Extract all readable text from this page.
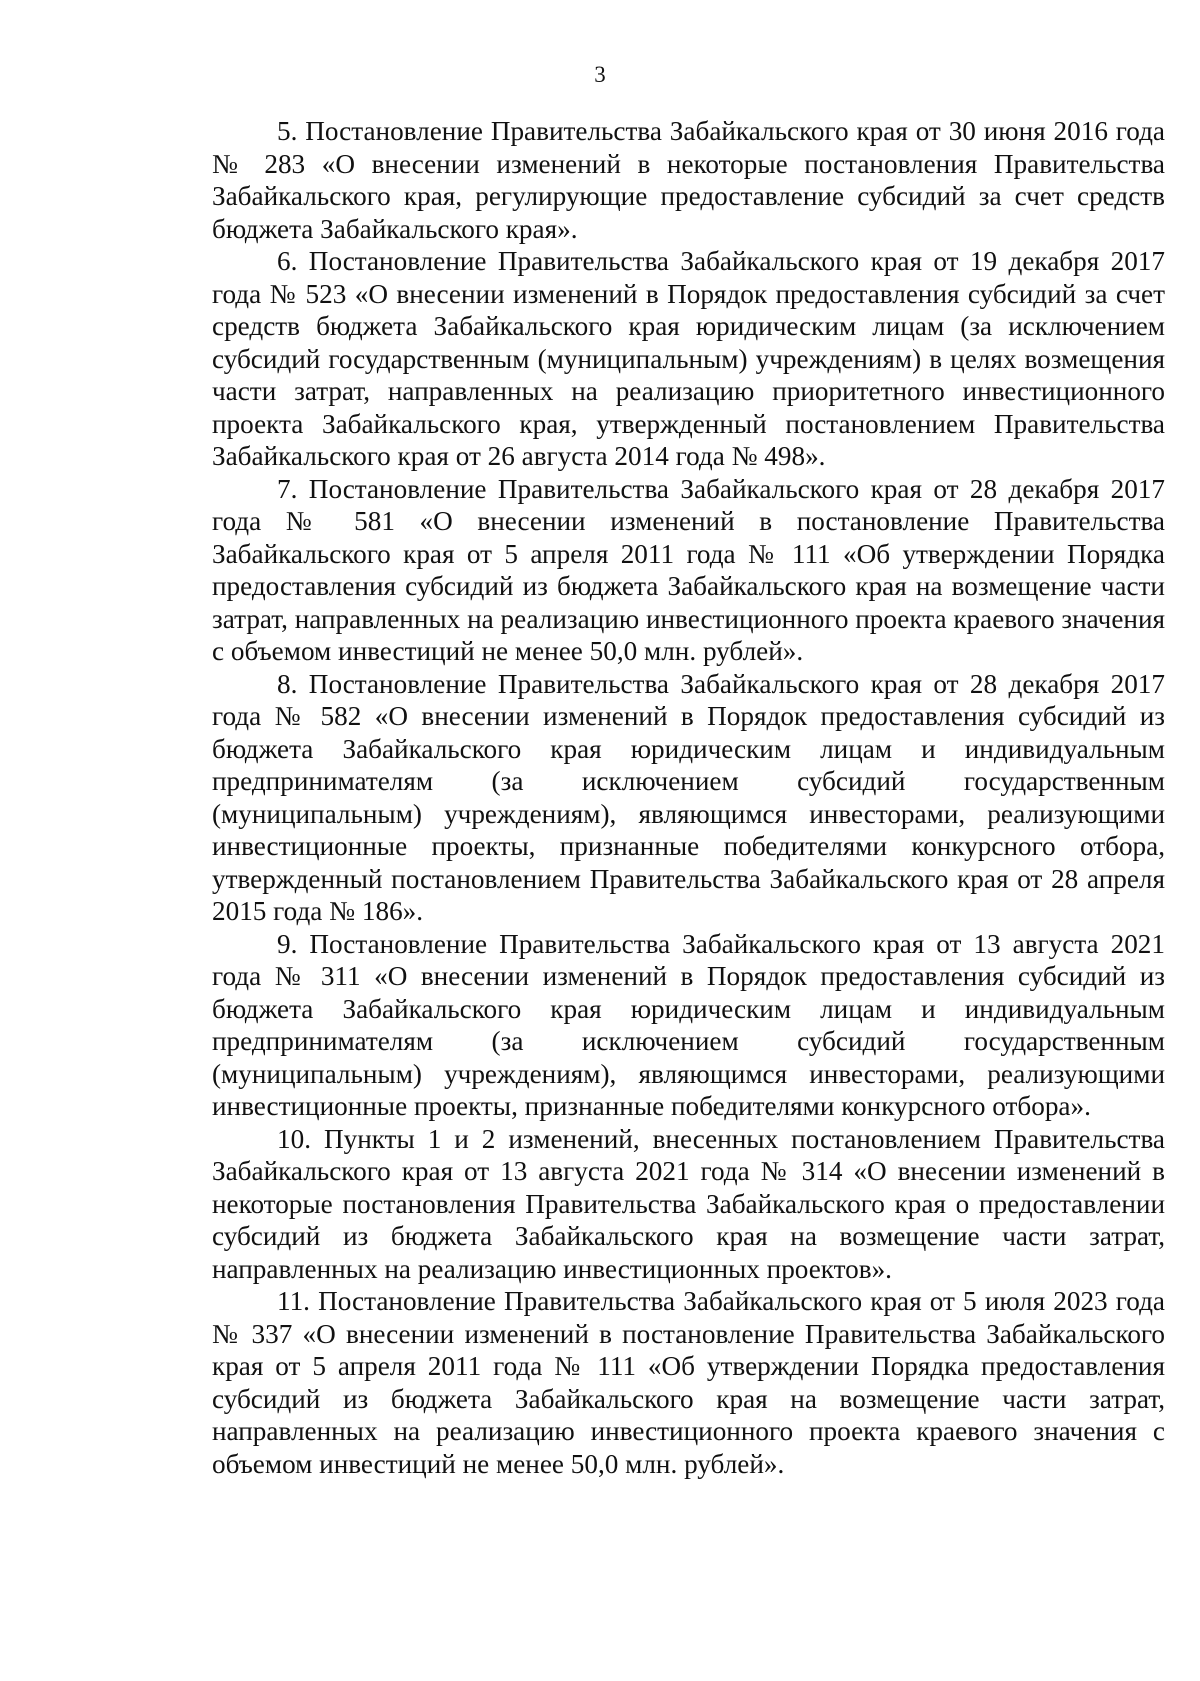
3

5. Постановление Правительства Забайкальского края от 30 июня 2016 года № 283 «О внесении изменений в некоторые постановления Правительства Забайкальского края, регулирующие предоставление субсидий за счет средств бюджета Забайкальского края».

6. Постановление Правительства Забайкальского края от 19 декабря 2017 года № 523 «О внесении изменений в Порядок предоставления субсидий за счет средств бюджета Забайкальского края юридическим лицам (за исключением субсидий государственным (муниципальным) учреждениям) в целях возмещения части затрат, направленных на реализацию приоритетного инвестиционного проекта Забайкальского края, утвержденный постановлением Правительства Забайкальского края от 26 августа 2014 года № 498».

7. Постановление Правительства Забайкальского края от 28 декабря 2017 года № 581 «О внесении изменений в постановление Правительства Забайкальского края от 5 апреля 2011 года № 111 «Об утверждении Порядка предоставления субсидий из бюджета Забайкальского края на возмещение части затрат, направленных на реализацию инвестиционного проекта краевого значения с объемом инвестиций не менее 50,0 млн. рублей».

8. Постановление Правительства Забайкальского края от 28 декабря 2017 года № 582 «О внесении изменений в Порядок предоставления субсидий из бюджета Забайкальского края юридическим лицам и индивидуальным предпринимателям (за исключением субсидий государственным (муниципальным) учреждениям), являющимся инвесторами, реализующими инвестиционные проекты, признанные победителями конкурсного отбора, утвержденный постановлением Правительства Забайкальского края от 28 апреля 2015 года № 186».

9. Постановление Правительства Забайкальского края от 13 августа 2021 года № 311 «О внесении изменений в Порядок предоставления субсидий из бюджета Забайкальского края юридическим лицам и индивидуальным предпринимателям (за исключением субсидий государственным (муниципальным) учреждениям), являющимся инвесторами, реализующими инвестиционные проекты, признанные победителями конкурсного отбора».

10. Пункты 1 и 2 изменений, внесенных постановлением Правительства Забайкальского края от 13 августа 2021 года № 314 «О внесении изменений в некоторые постановления Правительства Забайкальского края о предоставлении субсидий из бюджета Забайкальского края на возмещение части затрат, направленных на реализацию инвестиционных проектов».

11. Постановление Правительства Забайкальского края от 5 июля 2023 года № 337 «О внесении изменений в постановление Правительства Забайкальского края от 5 апреля 2011 года № 111 «Об утверждении Порядка предоставления субсидий из бюджета Забайкальского края на возмещение части затрат, направленных на реализацию инвестиционного проекта краевого значения с объемом инвестиций не менее 50,0 млн. рублей».
